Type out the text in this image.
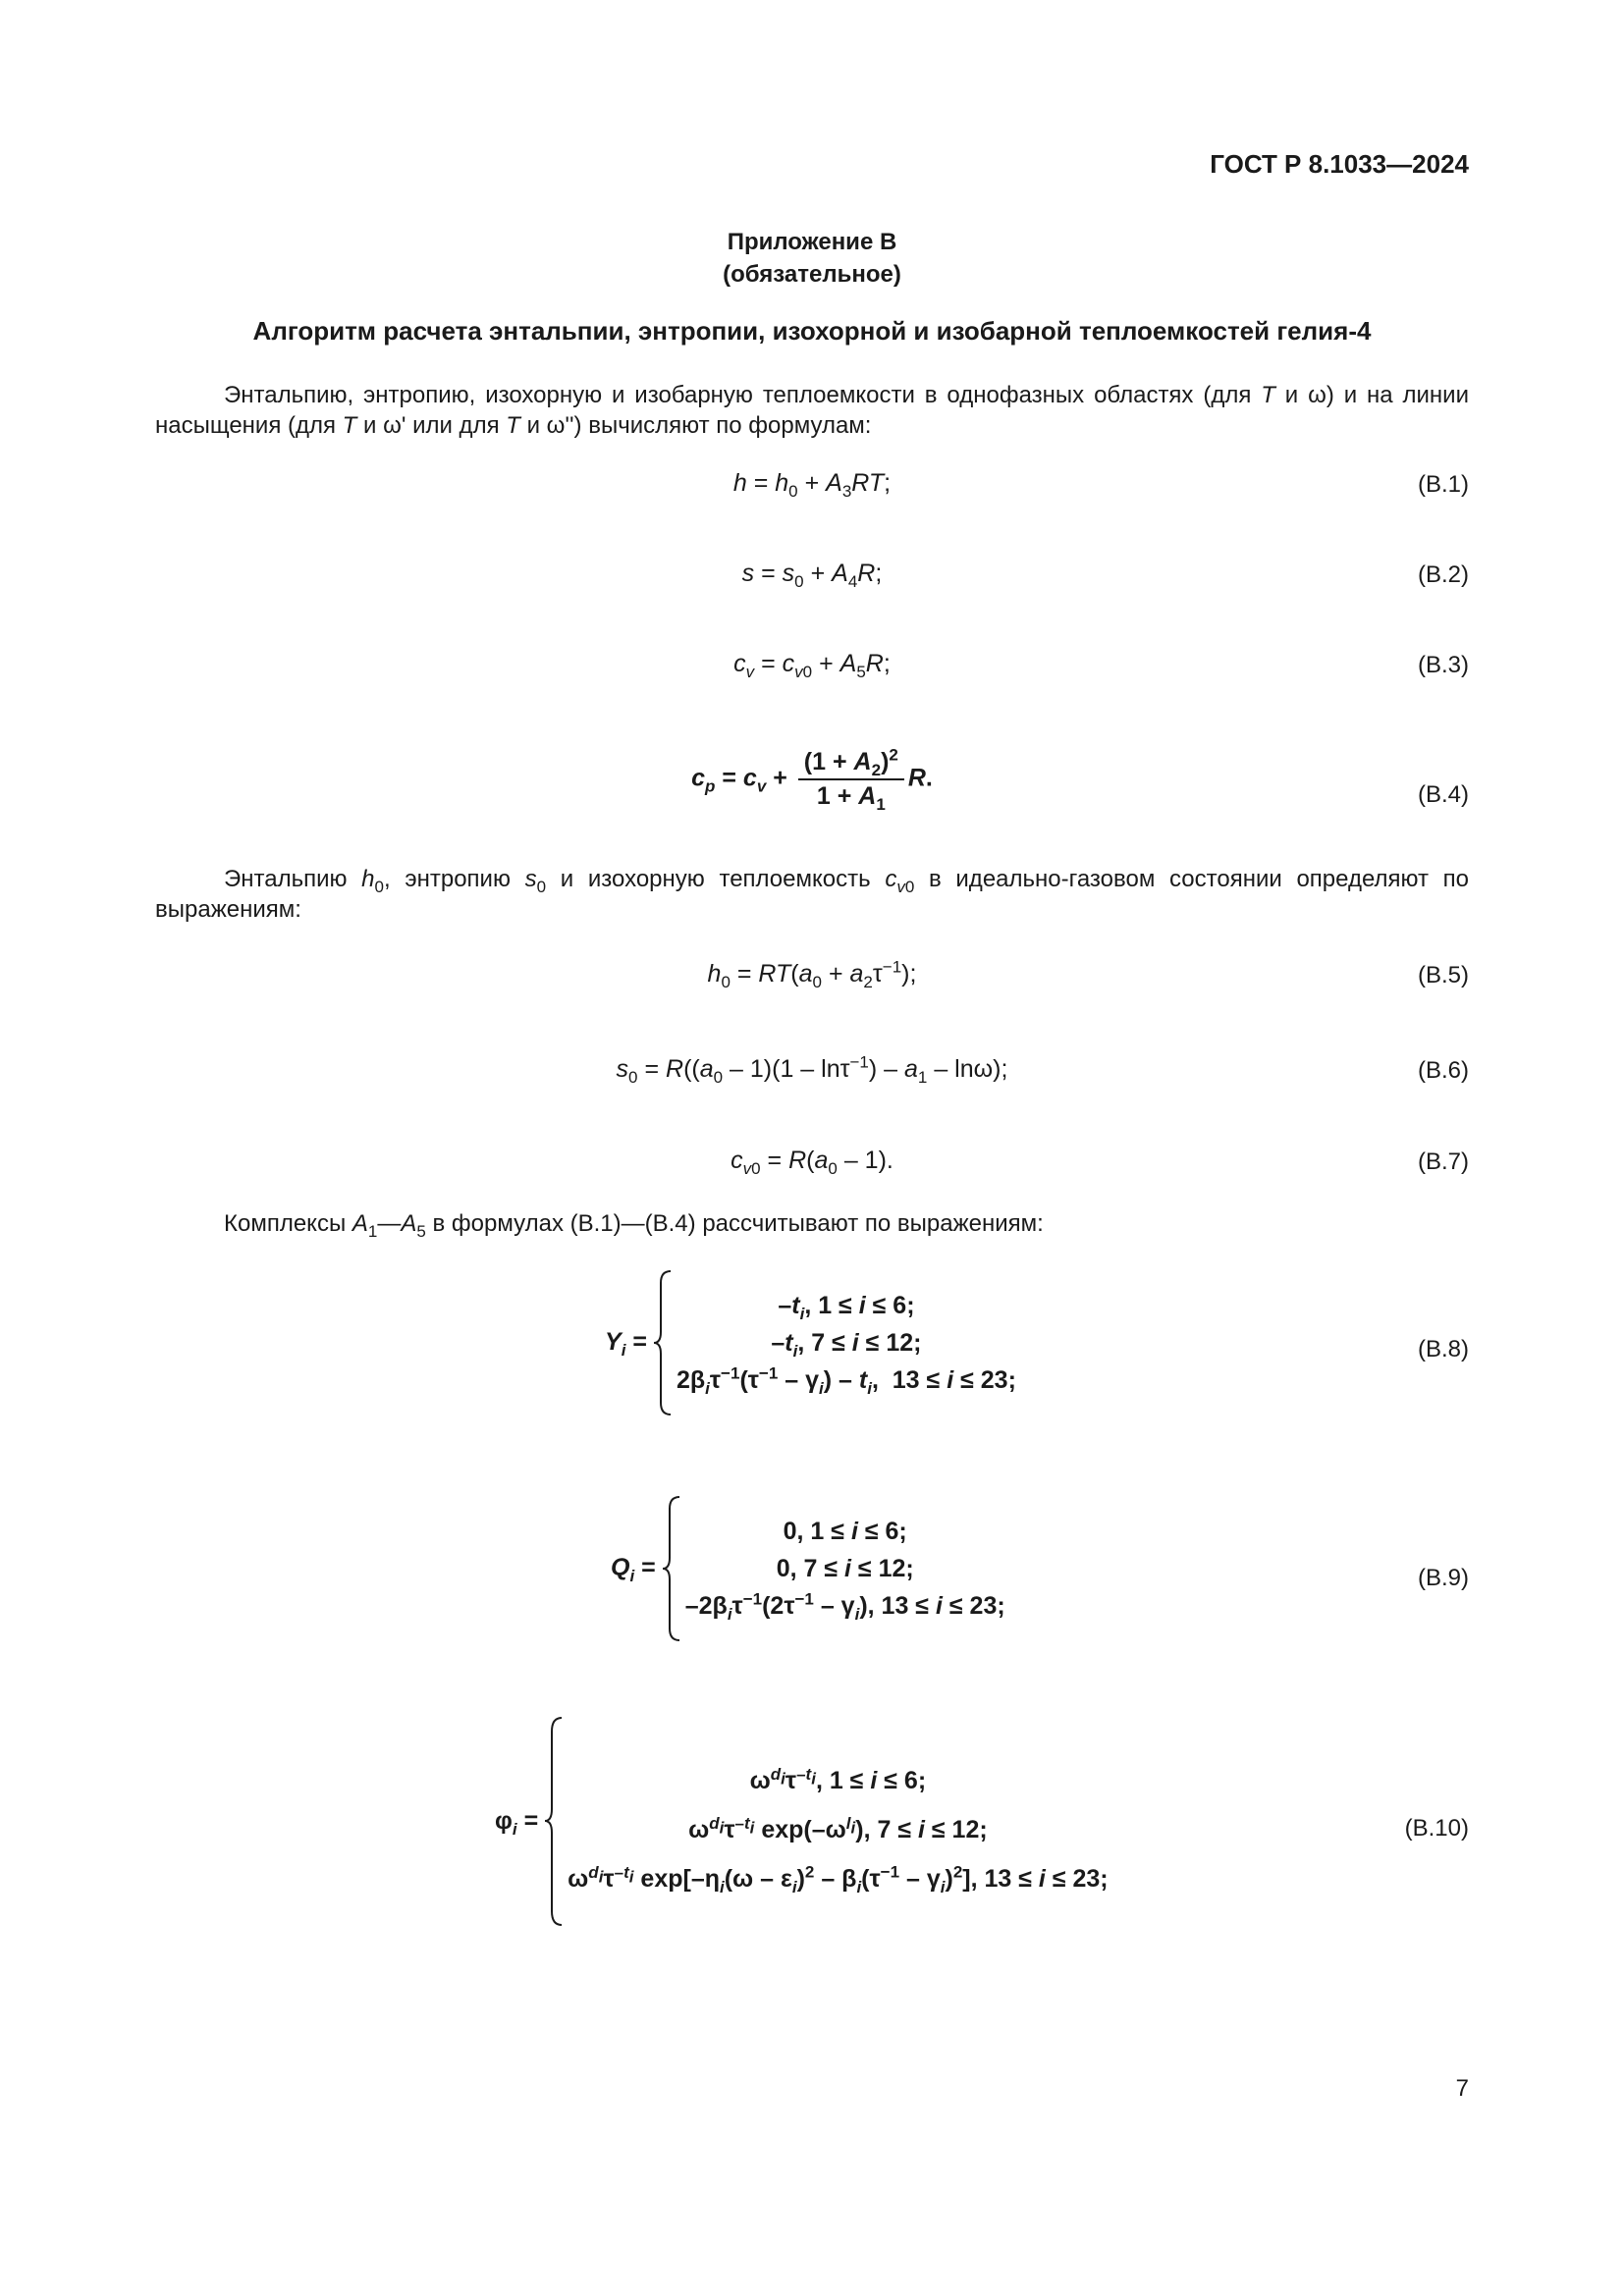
ГОСТ Р 8.1033—2024
Приложение В
(обязательное)
Алгоритм расчета энтальпии, энтропии, изохорной и изобарной теплоемкостей гелия-4
Энтальпию, энтропию, изохорную и изобарную теплоемкости в однофазных областях (для T и ω) и на линии насыщения (для T и ω' или для T и ω'') вычисляют по формулам:
$h = h_0 + A_3RT$;	(В.1)
$s = s_0 + A_4R$;	(В.2)
$c_v = c_{v0} + A_5R$;	(В.3)
$c_p = c_v + \frac{(1 + A_2)^2}{1 + A_1} R$.
(В.4)
Энтальпию $h_0$, энтропию $s_0$ и изохорную теплоемкость $c_{v0}$ в идеально-газовом состоянии определяют по выражениям:
$h_0 = RT(a_0 + a_2\tau^{-1})$;	(В.5)
$s_0 = R((a_0 - 1)(1 - \ln\tau^{-1}) - a_1 - \ln\omega)$;	(В.6)
$c_{v0} = R(a_0 - 1)$.	(В.7)
Комплексы $A_1—A_5$ в формулах (В.1)—(В.4) рассчитывают по выражениям:
$Y_i$ =
$-t_i$, 1 ≤ i ≤ 6;
$-t_i$, 7 ≤ i ≤ 12;
$2\beta_i\tau^{-1}(\tau^{-1} - \gamma_i) - t_i$,  13 ≤ i ≤ 23;
(В.8)
$Q_i$ =
0, 1 ≤ i ≤ 6;
0, 7 ≤ i ≤ 12;
$-2\beta_i\tau^{-1}(2\tau^{-1} - \gamma_i)$, 13 ≤ i ≤ 23;
(В.9)
$\varphi_i$ =
$\omega^{d_i}\tau^{-t_i}$, 1 ≤ i ≤ 6;
$\omega^{d_i}\tau^{-t_i}$ $\exp(-\omega^{l_i})$, 7 ≤ i ≤ 12;
$\omega^{d_i}\tau^{-t_i}$ $\exp[-\eta_i(\omega - \varepsilon_i)^2 - \beta_i(\tau^{-1} - \gamma_i)^2]$, 13 ≤ i ≤ 23;
(В.10)
7
